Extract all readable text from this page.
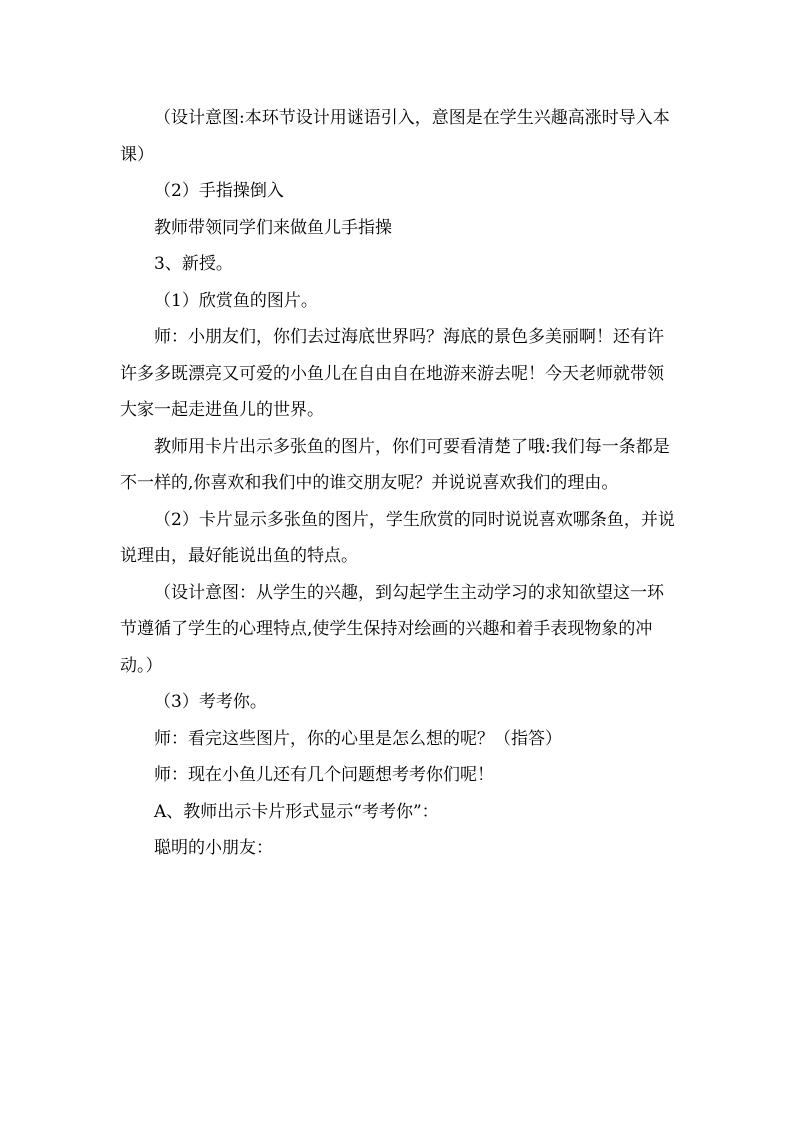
（设计意图:本环节设计用谜语引入，意图是在学生兴趣高涨时导入本课）

（2）手指操倒入

教师带领同学们来做鱼儿手指操

3、新授。

（1）欣赏鱼的图片。

师：小朋友们，你们去过海底世界吗？海底的景色多美丽啊！还有许许多多既漂亮又可爱的小鱼儿在自由自在地游来游去呢！今天老师就带领大家一起走进鱼儿的世界。

教师用卡片出示多张鱼的图片，你们可要看清楚了哦:我们每一条都是不一样的,你喜欢和我们中的谁交朋友呢？并说说喜欢我们的理由。

（2）卡片显示多张鱼的图片，学生欣赏的同时说说喜欢哪条鱼，并说说理由，最好能说出鱼的特点。

（设计意图：从学生的兴趣，到勾起学生主动学习的求知欲望这一环节遵循了学生的心理特点,使学生保持对绘画的兴趣和着手表现物象的冲动。）

（3）考考你。

师：看完这些图片，你的心里是怎么想的呢？（指答）

师：现在小鱼儿还有几个问题想考考你们呢！

A、教师出示卡片形式显示“考考你”：

聪明的小朋友：
